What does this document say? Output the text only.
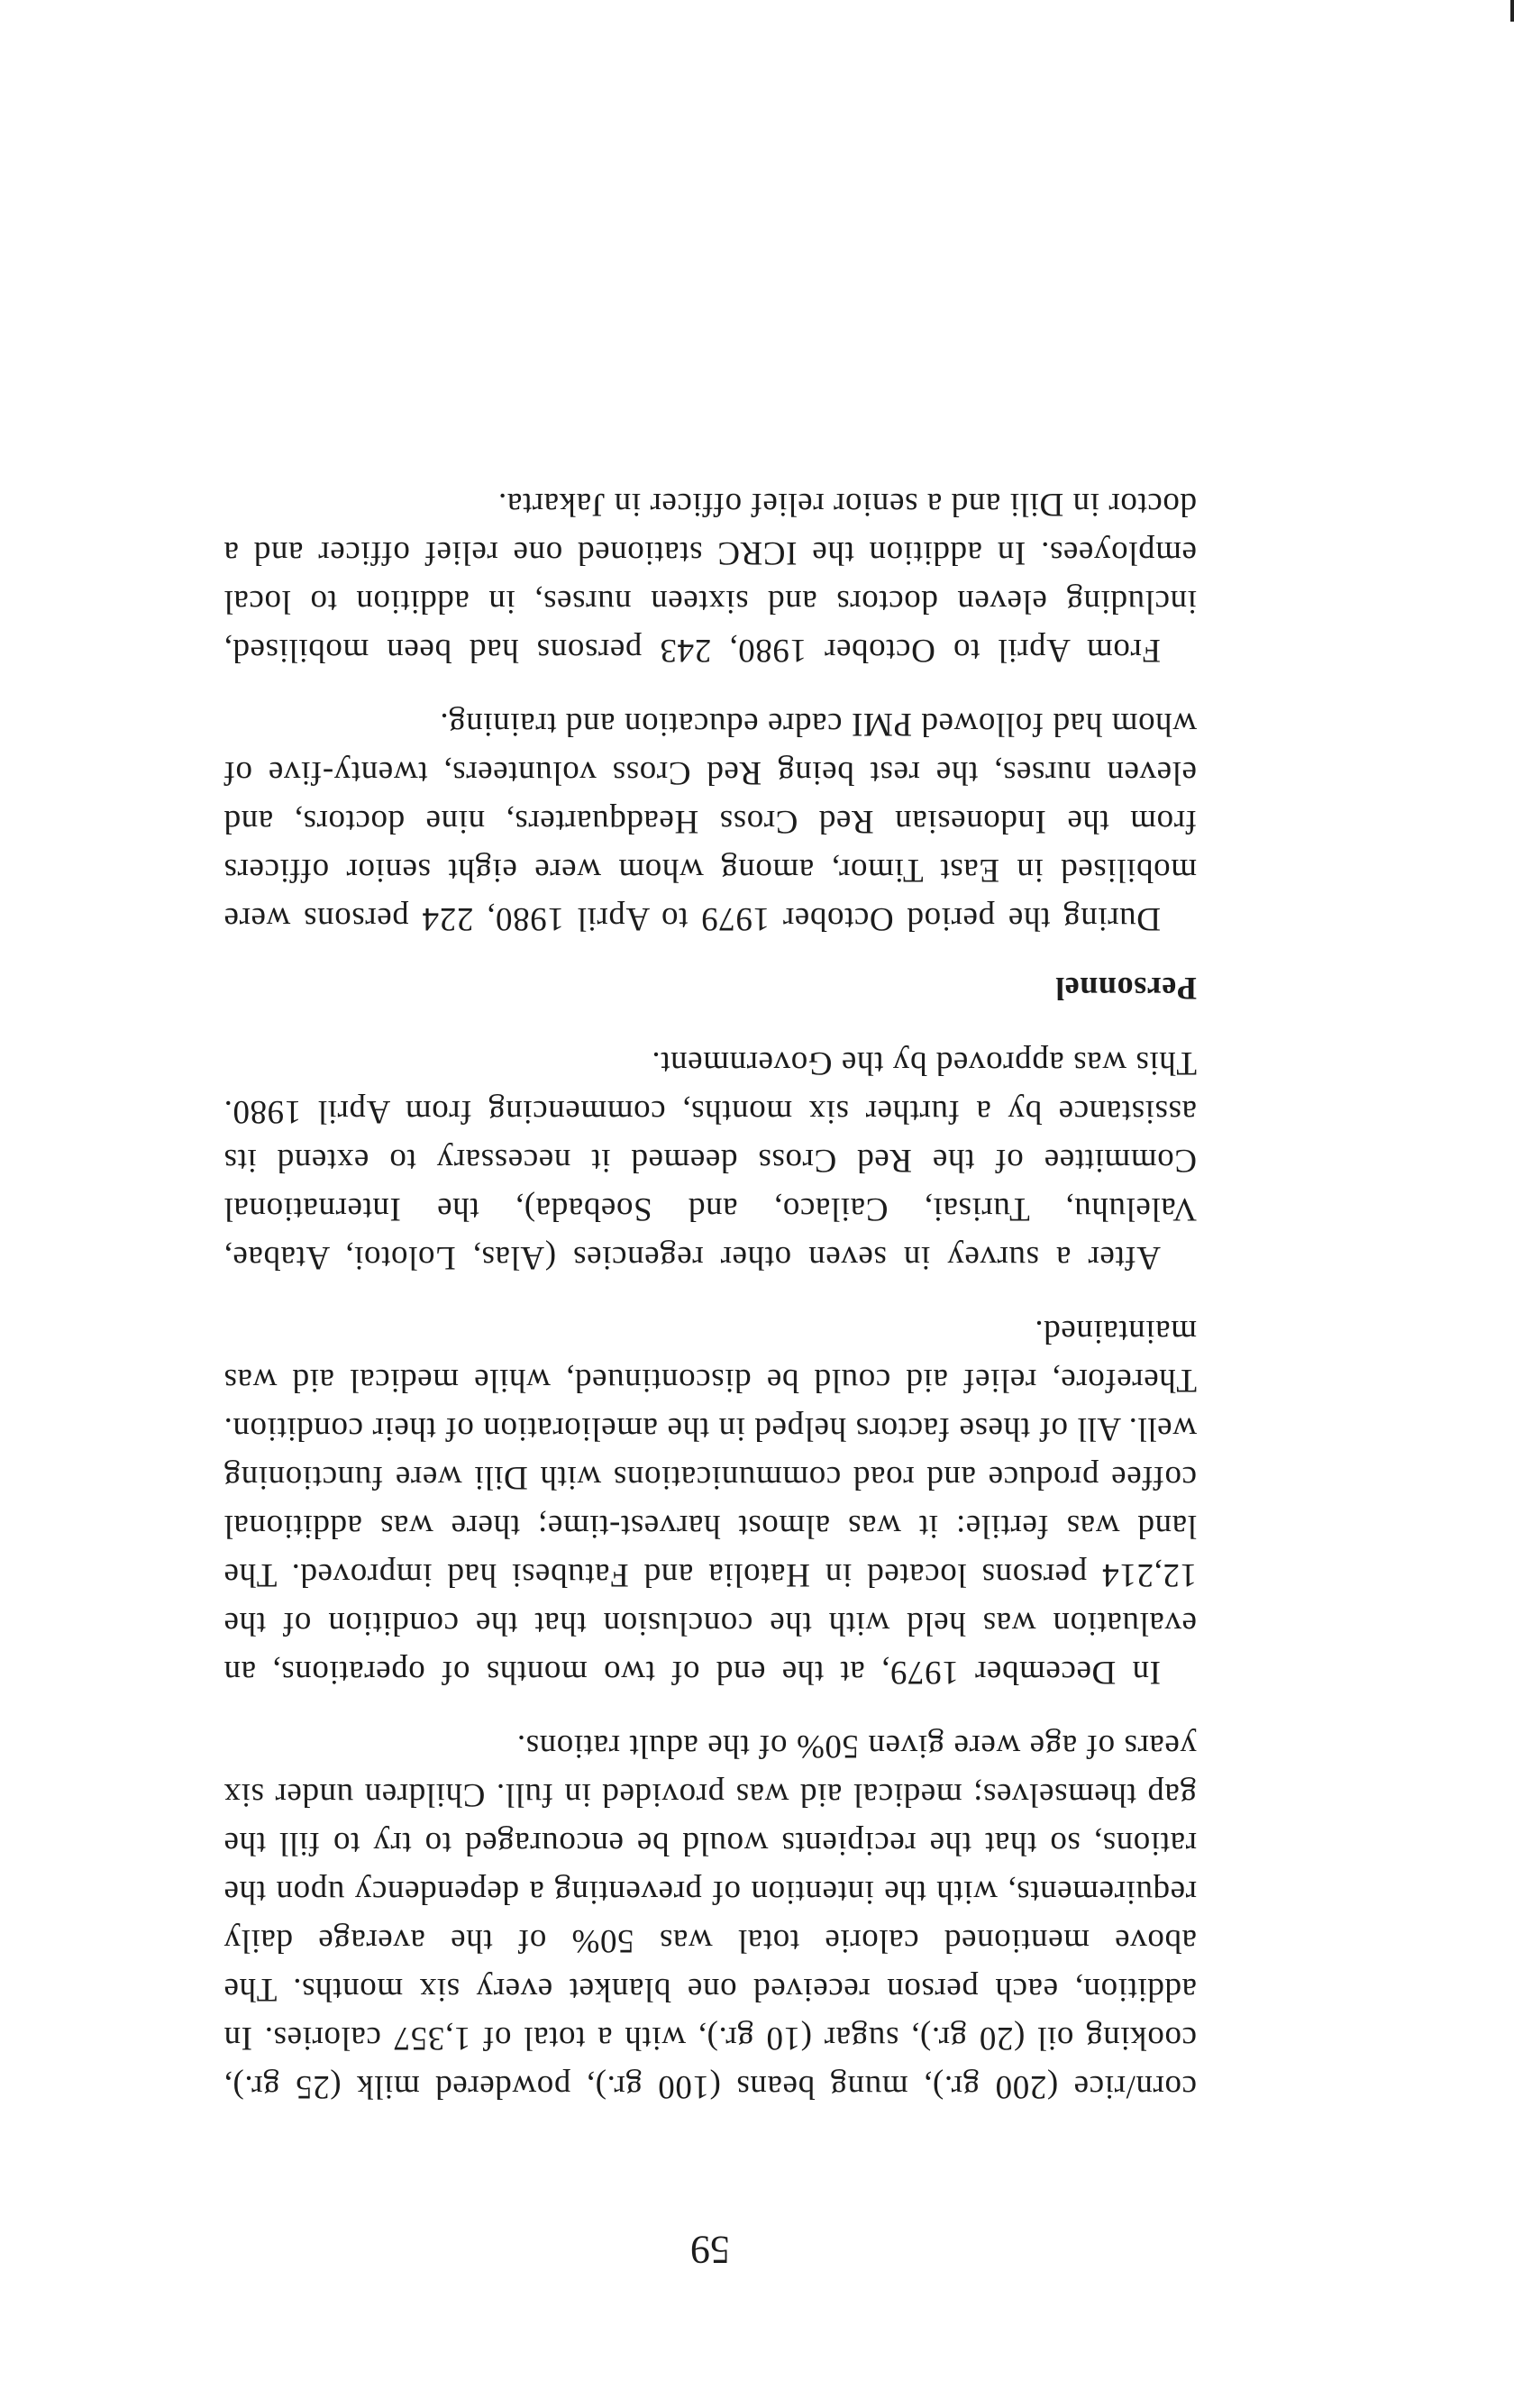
corn/rice (200 gr.), mung beans (100 gr.), powdered milk (25 gr.), cooking oil (20 gr.), sugar (10 gr.), with a total of 1,357 calories. In addition, each person received one blanket every six months. The above mentioned calorie total was 50% of the average daily requirements, with the intention of preventing a dependency upon the rations, so that the recipients would be encouraged to try to fill the gap themselves; medical aid was provided in full. Children under six years of age were given 50% of the adult rations.

In December 1979, at the end of two months of operations, an evaluation was held with the conclusion that the condition of the 12,214 persons located in Hatolia and Fatubesi had improved. The land was fertile: it was almost harvest-time; there was additional coffee produce and road communications with Dili were functioning well. All of these factors helped in the amelioration of their condition. Therefore, relief aid could be discontinued, while medical aid was maintained.

After a survey in seven other regencies (Alas, Lolotoi, Atabae, Valeluhu, Turisai, Cailaco, and Soebada), the International Committee of the Red Cross deemed it necessary to extend its assistance by a further six months, commencing from April 1980. This was approved by the Government.

Personnel

During the period October 1979 to April 1980, 224 persons were mobilised in East Timor, among whom were eight senior officers from the Indonesian Red Cross Headquarters, nine doctors, and eleven nurses, the rest being Red Cross volunteers, twenty-five of whom had followed PMI cadre education and training.

From April to October 1980, 243 persons had been mobilised, including eleven doctors and sixteen nurses, in addition to local employees. In addition the ICRC stationed one relief officer and a doctor in Dili and a senior relief officer in Jakarta.

59
